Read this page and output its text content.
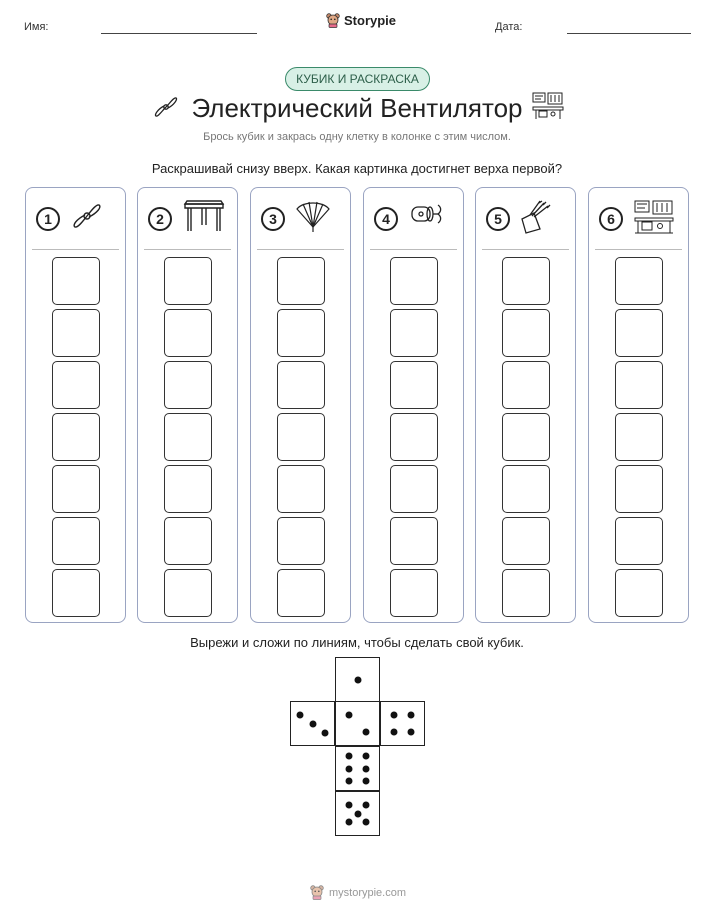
Имя:	Storypie	Дата:
КУБИК И РАСКРАСКА
Электрический Вентилятор
Брось кубик и закрась одну клетку в колонке с этим числом.
Раскрашивай снизу вверх. Какая картинка достигнет верха первой?
1	2	3	4	5	6
Вырежи и сложи по линиям, чтобы сделать свой кубик.
mystorypie.com
